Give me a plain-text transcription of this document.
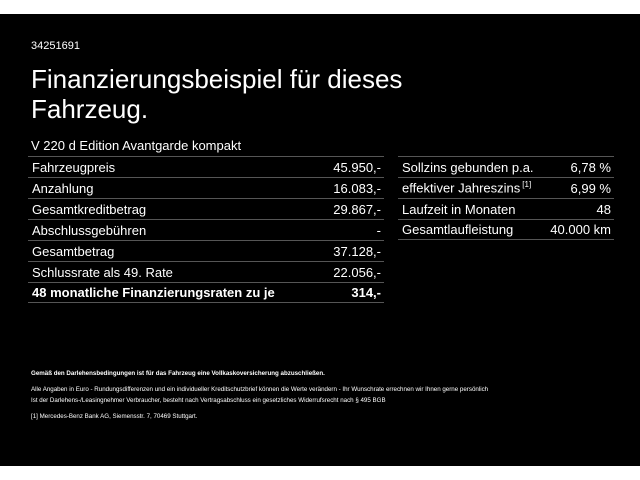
34251691
Finanzierungsbeispiel für dieses Fahrzeug.
V 220 d Edition Avantgarde kompakt
Fahrzeugpreis	45.950,-
Anzahlung	16.083,-
Gesamtkreditbetrag	29.867,-
Abschlussgebühren	-
Gesamtbetrag	37.128,-
Schlussrate als 49. Rate	22.056,-
48 monatliche Finanzierungsraten zu je	314,-
Sollzins gebunden p.a.	6,78 %
effektiver Jahreszins [1]	6,99 %
Laufzeit in Monaten	48
Gesamtlaufleistung	40.000 km

Gemäß den Darlehensbedingungen ist für das Fahrzeug eine Vollkaskoversicherung abzuschließen.

Alle Angaben in Euro - Rundungsdifferenzen und ein individueller Kreditschutzbrief können die Werte verändern - Ihr Wunschrate errechnen wir Ihnen gerne persönlich

Ist der Darlehens-/Leasingnehmer Verbraucher, besteht nach Vertragsabschluss ein gesetzliches Widerrufsrecht nach § 495 BGB

[1] Mercedes-Benz Bank AG, Siemensstr. 7, 70469 Stuttgart.
